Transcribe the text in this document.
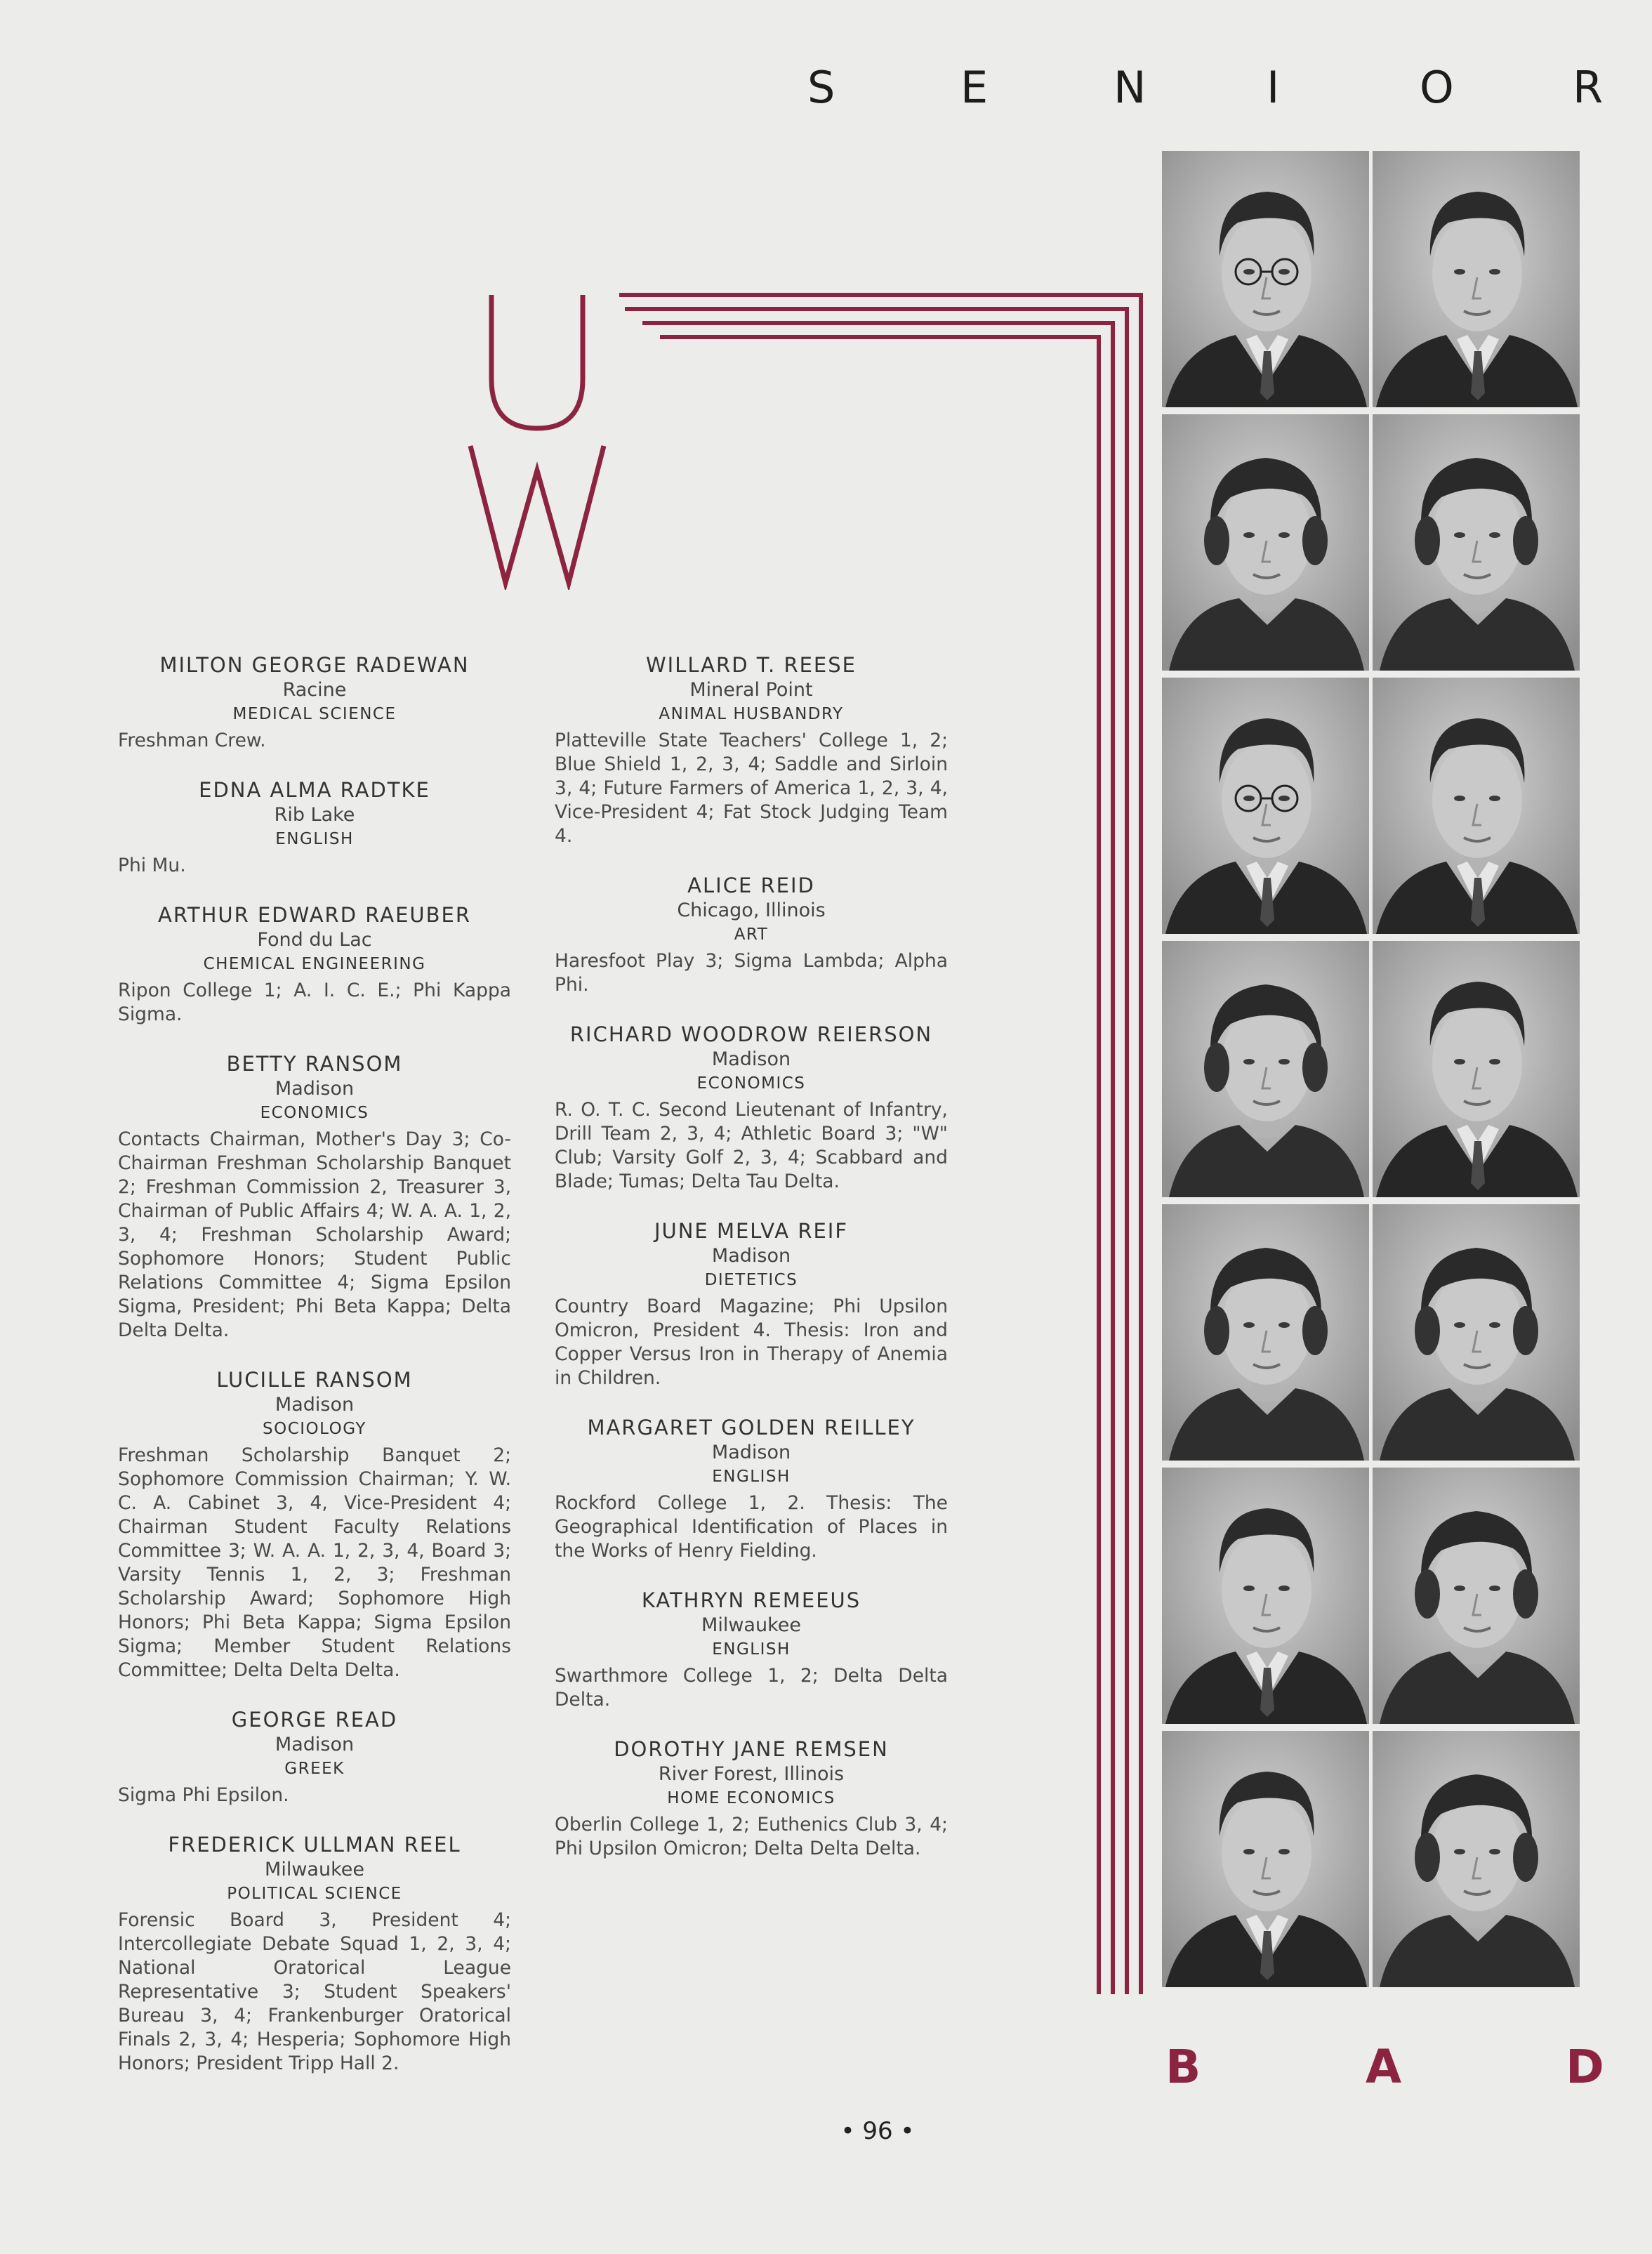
S	E	N	I	O	R
MILTON GEORGE RADEWAN
Racine
MEDICAL SCIENCE
Freshman Crew.
EDNA ALMA RADTKE
Rib Lake
ENGLISH
Phi Mu.
ARTHUR EDWARD RAEUBER
Fond du Lac
CHEMICAL ENGINEERING
Ripon College 1; A. I. C. E.; Phi Kappa Sigma.
BETTY RANSOM
Madison
ECONOMICS
Contacts Chairman, Mother's Day 3; Co-Chairman Freshman Scholarship Banquet 2; Freshman Commission 2, Treasurer 3, Chairman of Public Affairs 4; W. A. A. 1, 2, 3, 4; Freshman Scholarship Award; Sophomore Honors; Student Public Relations Committee 4; Sigma Epsilon Sigma, President; Phi Beta Kappa; Delta Delta Delta.
LUCILLE RANSOM
Madison
SOCIOLOGY
Freshman Scholarship Banquet 2; Sophomore Commission Chairman; Y. W. C. A. Cabinet 3, 4, Vice-President 4; Chairman Student Faculty Relations Committee 3; W. A. A. 1, 2, 3, 4, Board 3; Varsity Tennis 1, 2, 3; Freshman Scholarship Award; Sophomore High Honors; Phi Beta Kappa; Sigma Epsilon Sigma; Member Student Relations Committee; Delta Delta Delta.
GEORGE READ
Madison
GREEK
Sigma Phi Epsilon.
FREDERICK ULLMAN REEL
Milwaukee
POLITICAL SCIENCE
Forensic Board 3, President 4; Intercollegiate Debate Squad 1, 2, 3, 4; National Oratorical League Representative 3; Student Speakers' Bureau 3, 4; Frankenburger Oratorical Finals 2, 3, 4; Hesperia; Sophomore High Honors; President Tripp Hall 2.
WILLARD T. REESE
Mineral Point
ANIMAL HUSBANDRY
Platteville State Teachers' College 1, 2; Blue Shield 1, 2, 3, 4; Saddle and Sirloin 3, 4; Future Farmers of America 1, 2, 3, 4, Vice-President 4; Fat Stock Judging Team 4.
ALICE REID
Chicago, Illinois
ART
Haresfoot Play 3; Sigma Lambda; Alpha Phi.
RICHARD WOODROW REIERSON
Madison
ECONOMICS
R. O. T. C. Second Lieutenant of Infantry, Drill Team 2, 3, 4; Athletic Board 3; "W" Club; Varsity Golf 2, 3, 4; Scabbard and Blade; Tumas; Delta Tau Delta.
JUNE MELVA REIF
Madison
DIETETICS
Country Board Magazine; Phi Upsilon Omicron, President 4. Thesis: Iron and Copper Versus Iron in Therapy of Anemia in Children.
MARGARET GOLDEN REILLEY
Madison
ENGLISH
Rockford College 1, 2. Thesis: The Geographical Identification of Places in the Works of Henry Fielding.
KATHRYN REMEEUS
Milwaukee
ENGLISH
Swarthmore College 1, 2; Delta Delta Delta.
DOROTHY JANE REMSEN
River Forest, Illinois
HOME ECONOMICS
Oberlin College 1, 2; Euthenics Club 3, 4; Phi Upsilon Omicron; Delta Delta Delta.
B	A	D
• 96 •
